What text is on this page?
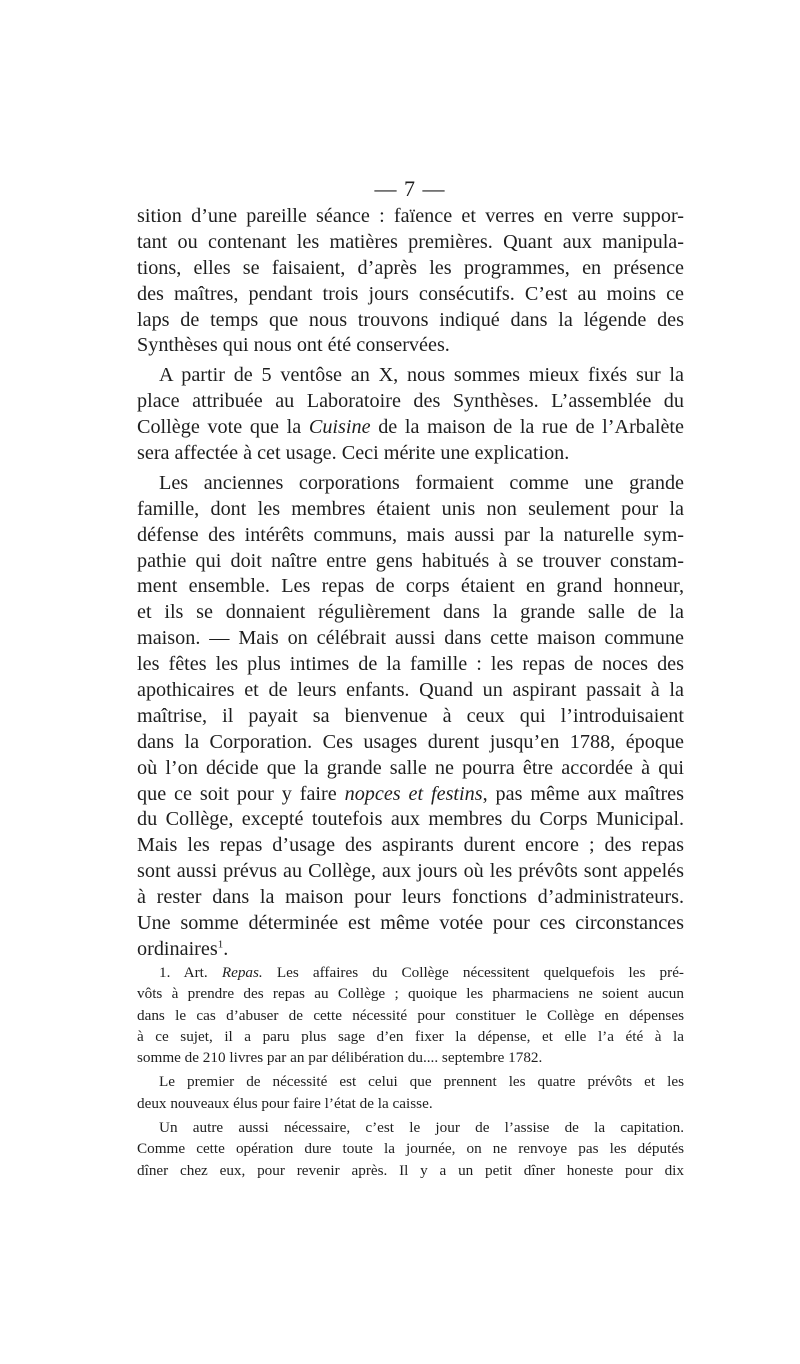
— 7 —
sition d’une pareille séance : faïence et verres en verre suppor-
tant ou contenant les matières premières. Quant aux manipula-
tions, elles se faisaient, d’après les programmes, en présence
des maîtres, pendant trois jours consécutifs. C’est au moins ce
laps de temps que nous trouvons indiqué dans la légende des
Synthèses qui nous ont été conservées.
A partir de 5 ventôse an X, nous sommes mieux fixés sur la
place attribuée au Laboratoire des Synthèses. L’assemblée du
Collège vote que la Cuisine de la maison de la rue de l’Arbalète
sera affectée à cet usage. Ceci mérite une explication.
Les anciennes corporations formaient comme une grande
famille, dont les membres étaient unis non seulement pour la
défense des intérêts communs, mais aussi par la naturelle sym-
pathie qui doit naître entre gens habitués à se trouver constam-
ment ensemble. Les repas de corps étaient en grand honneur,
et ils se donnaient régulièrement dans la grande salle de la
maison. — Mais on célébrait aussi dans cette maison commune
les fêtes les plus intimes de la famille : les repas de noces des
apothicaires et de leurs enfants. Quand un aspirant passait à la
maîtrise, il payait sa bienvenue à ceux qui l’introduisaient
dans la Corporation. Ces usages durent jusqu’en 1788, époque
où l’on décide que la grande salle ne pourra être accordée à qui
que ce soit pour y faire nopces et festins, pas même aux maîtres
du Collège, excepté toutefois aux membres du Corps Municipal.
Mais les repas d’usage des aspirants durent encore ; des repas
sont aussi prévus au Collège, aux jours où les prévôts sont appelés
à rester dans la maison pour leurs fonctions d’administrateurs.
Une somme déterminée est même votée pour ces circonstances
ordinaires$^1$.
1. Art. Repas. Les affaires du Collège nécessitent quelquefois les pré-
vôts à prendre des repas au Collège ; quoique les pharmaciens ne soient aucun
dans le cas d’abuser de cette nécessité pour constituer le Collège en dépenses
à ce sujet, il a paru plus sage d’en fixer la dépense, et elle l’a été à la
somme de 210 livres par an par délibération du.... septembre 1782.
Le premier de nécessité est celui que prennent les quatre prévôts et les
deux nouveaux élus pour faire l’état de la caisse.
Un autre aussi nécessaire, c’est le jour de l’assise de la capitation.
Comme cette opération dure toute la journée, on ne renvoye pas les députés
dîner chez eux, pour revenir après. Il y a un petit dîner honeste pour dix
